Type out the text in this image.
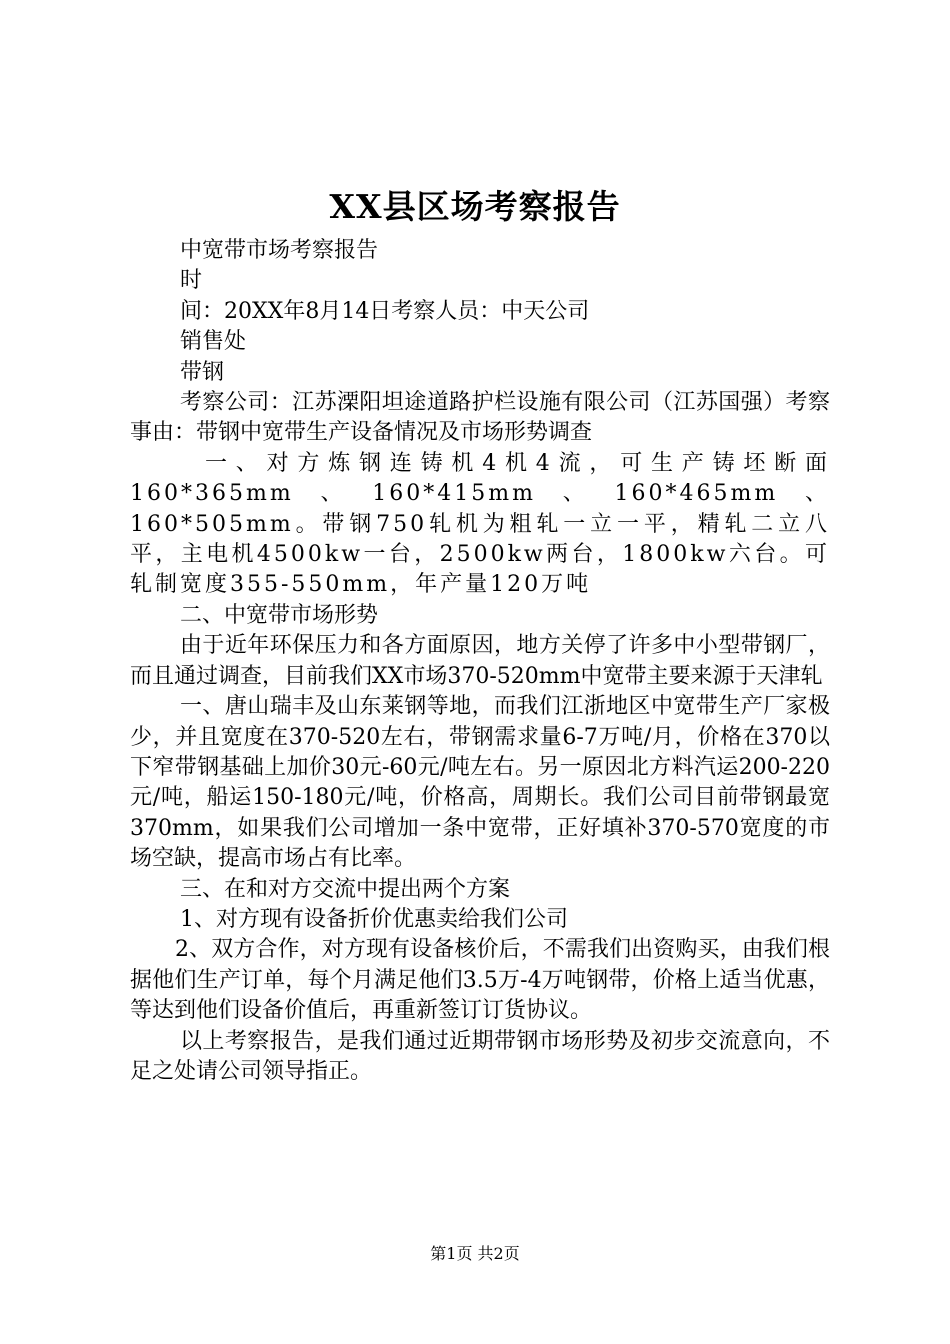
XX县区场考察报告

中宽带市场考察报告

时

间：20XX年8月14日考察人员：中天公司

销售处

带钢

考察公司：江苏溧阳坦途道路护栏设施有限公司（江苏国强）考察事由：带钢中宽带生产设备情况及市场形势调查

一、对方炼钢连铸机4机4流，可生产铸坯断面160*365mm、160*415mm、160*465mm、160*505mm。带钢750轧机为粗轧一立一平，精轧二立八平，主电机4500kw一台，2500kw两台，1800kw六台。可轧制宽度355-550mm，年产量120万吨

二、中宽带市场形势

由于近年环保压力和各方面原因，地方关停了许多中小型带钢厂，而且通过调查，目前我们XX市场370-520mm中宽带主要来源于天津轧

一、唐山瑞丰及山东莱钢等地，而我们江浙地区中宽带生产厂家极少，并且宽度在370-520左右，带钢需求量6-7万吨/月，价格在370以下窄带钢基础上加价30元-60元/吨左右。另一原因北方料汽运200-220元/吨，船运150-180元/吨，价格高，周期长。我们公司目前带钢最宽370mm，如果我们公司增加一条中宽带，正好填补370-570宽度的市场空缺，提高市场占有比率。

三、在和对方交流中提出两个方案

1、对方现有设备折价优惠卖给我们公司

2、双方合作，对方现有设备核价后，不需我们出资购买，由我们根据他们生产订单，每个月满足他们3.5万-4万吨钢带，价格上适当优惠，等达到他们设备价值后，再重新签订订货协议。

以上考察报告，是我们通过近期带钢市场形势及初步交流意向，不足之处请公司领导指正。

第1页 共2页
